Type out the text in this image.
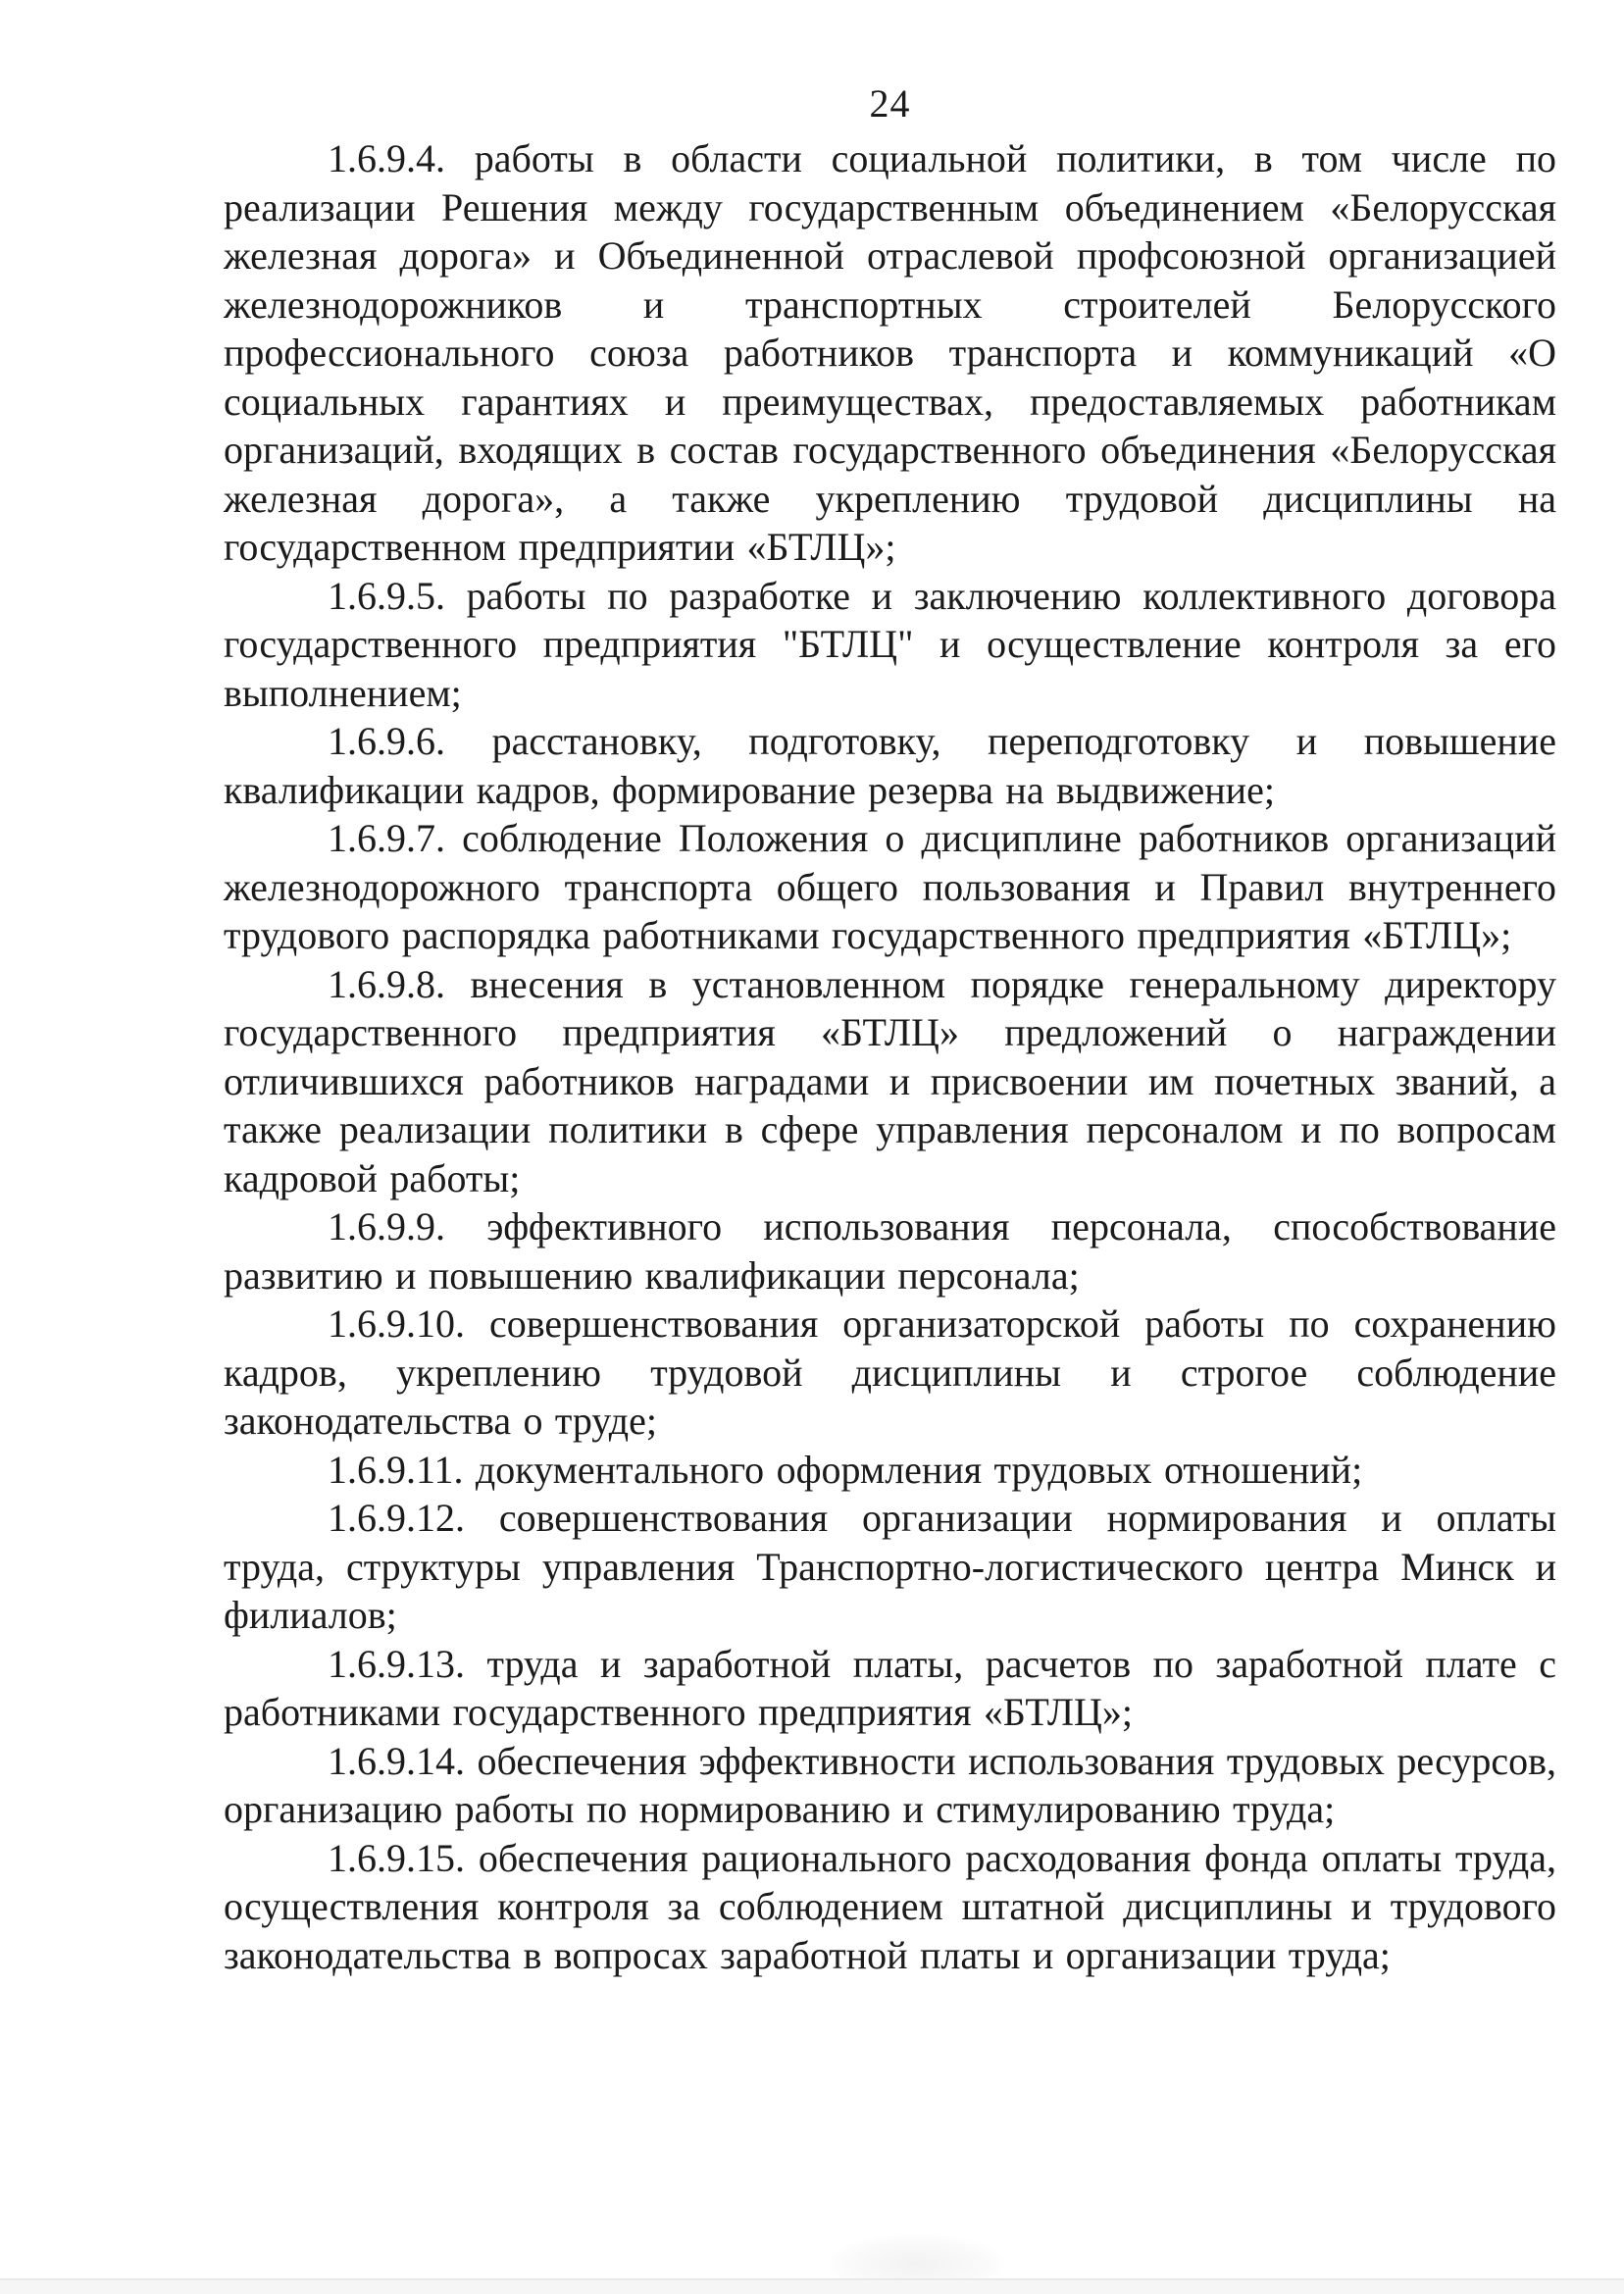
24

1.6.9.4. работы в области социальной политики, в том числе по реализации Решения между государственным объединением «Белорусская железная дорога» и Объединенной отраслевой профсоюзной организацией железнодорожников и транспортных строителей Белорусского профессионального союза работников транспорта и коммуникаций «О социальных гарантиях и преимуществах, предоставляемых работникам организаций, входящих в состав государственного объединения «Белорусская железная дорога», а также укреплению трудовой дисциплины на государственном предприятии «БТЛЦ»;

1.6.9.5. работы по разработке и заключению коллективного договора государственного предприятия "БТЛЦ" и осуществление контроля за его выполнением;

1.6.9.6. расстановку, подготовку, переподготовку и повышение квалификации кадров, формирование резерва на выдвижение;

1.6.9.7. соблюдение Положения о дисциплине работников организаций железнодорожного транспорта общего пользования и Правил внутреннего трудового распорядка работниками государственного предприятия «БТЛЦ»;

1.6.9.8. внесения в установленном порядке генеральному директору государственного предприятия «БТЛЦ» предложений о награждении отличившихся работников наградами и присвоении им почетных званий, а также реализации политики в сфере управления персоналом и по вопросам кадровой работы;

1.6.9.9. эффективного использования персонала, способствование развитию и повышению квалификации персонала;

1.6.9.10. совершенствования организаторской работы по сохранению кадров, укреплению трудовой дисциплины и строгое соблюдение законодательства о труде;

1.6.9.11. документального оформления трудовых отношений;

1.6.9.12. совершенствования организации нормирования и оплаты труда, структуры управления Транспортно-логистического центра Минск и филиалов;

1.6.9.13. труда и заработной платы, расчетов по заработной плате с работниками государственного предприятия «БТЛЦ»;

1.6.9.14. обеспечения эффективности использования трудовых ресурсов, организацию работы по нормированию и стимулированию труда;

1.6.9.15. обеспечения рационального расходования фонда оплаты труда, осуществления контроля за соблюдением штатной дисциплины и трудового законодательства в вопросах заработной платы и организации труда;
